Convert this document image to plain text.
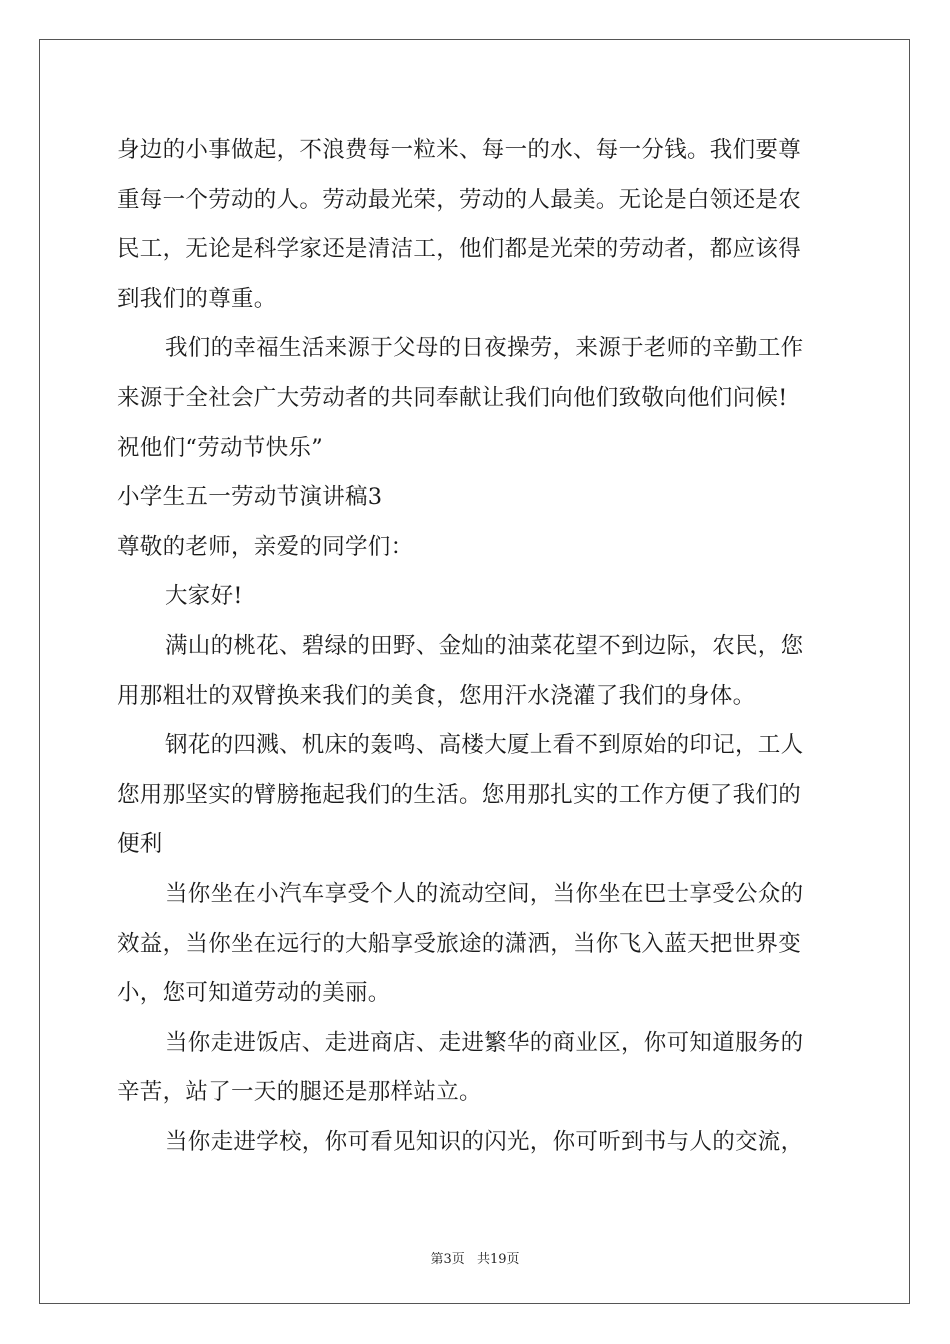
身边的小事做起，不浪费每一粒米、每一的水、每一分钱。我们要尊
重每一个劳动的人。劳动最光荣，劳动的人最美。无论是白领还是农
民工，无论是科学家还是清洁工，他们都是光荣的劳动者，都应该得
到我们的尊重。
我们的幸福生活来源于父母的日夜操劳，来源于老师的辛勤工作
来源于全社会广大劳动者的共同奉献让我们向他们致敬向他们问候!
祝他们“劳动节快乐”
小学生五一劳动节演讲稿3
尊敬的老师，亲爱的同学们：
大家好!
满山的桃花、碧绿的田野、金灿的油菜花望不到边际，农民，您
用那粗壮的双臂换来我们的美食，您用汗水浇灌了我们的身体。
钢花的四溅、机床的轰鸣、高楼大厦上看不到原始的印记，工人
您用那坚实的臂膀拖起我们的生活。您用那扎实的工作方便了我们的
便利
当你坐在小汽车享受个人的流动空间，当你坐在巴士享受公众的
效益，当你坐在远行的大船享受旅途的潇洒，当你飞入蓝天把世界变
小，您可知道劳动的美丽。
当你走进饭店、走进商店、走进繁华的商业区，你可知道服务的
辛苦，站了一天的腿还是那样站立。
当你走进学校，你可看见知识的闪光，你可听到书与人的交流，
第3页 共19页
